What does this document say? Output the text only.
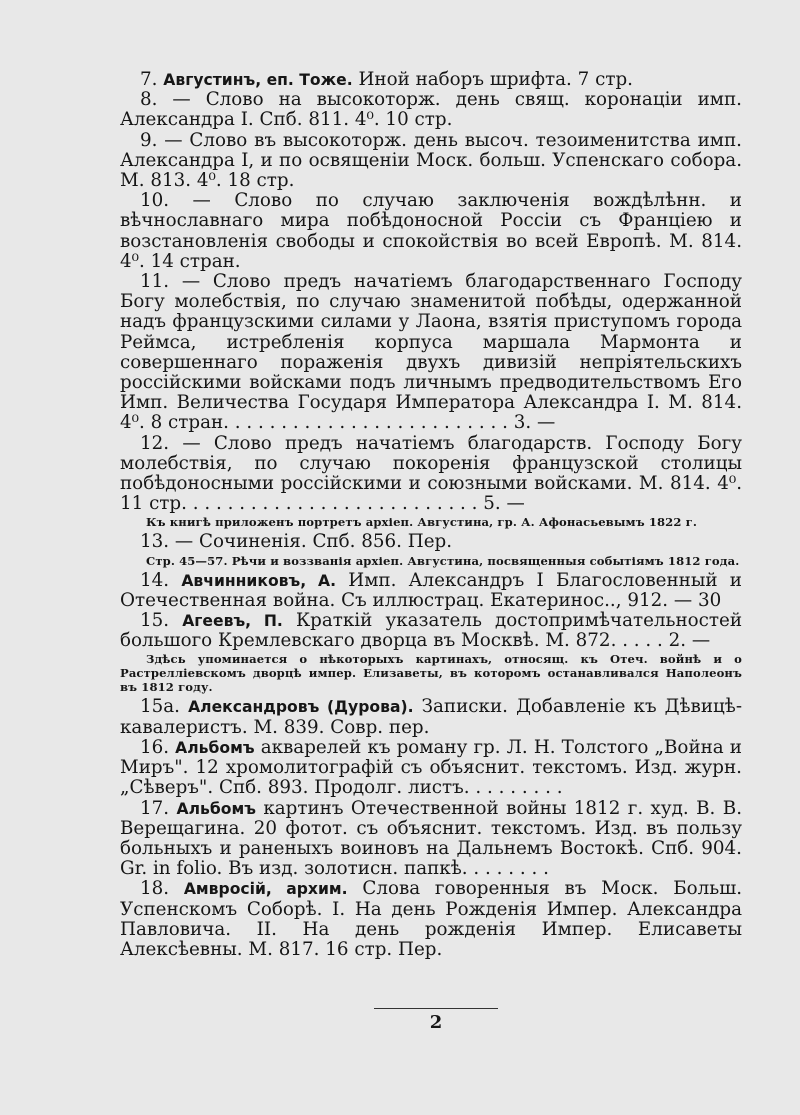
7. Августинъ, еп. Тоже. Иной наборъ шрифта. 7 стр.

8. — Слово на высокоторж. день свящ. коронаціи имп. Александра I. Спб. 811. 4⁰. 10 стр.

9. — Слово въ высокоторж. день высоч. тезоименитства имп. Александра I, и по освященіи Моск. больш. Успенскаго собора. М. 813. 4⁰. 18 стр.

10. — Слово по случаю заключенія вождѣлѣнн. и вѣчнославнаго мира побѣдоносной Россіи съ Франціею и возстановленія свободы и спокойствія во всей Европѣ. М. 814. 4⁰. 14 стран.

11. — Слово предъ начатіемъ благодарственнаго Господу Богу молебствія, по случаю знаменитой побѣды, одержанной надъ французскими силами у Лаона, взятія приступомъ города Реймса, истребленія корпуса маршала Мармонта и совершеннаго пораженія двухъ дивизій непріятельскихъ россійскими войсками подъ личнымъ предводительствомъ Его Имп. Величества Государя Императора Александра I. М. 814. 4⁰. 8 стран. . . . . . . . . . . . . . . . . . . . . . . . . 3. —

12. — Слово предъ начатіемъ благодарств. Господу Богу молебствія, по случаю покоренія французской столицы побѣдоносными россійскими и союзными войсками. М. 814. 4⁰. 11 стр. . . . . . . . . . . . . . . . . . . . . . . . . . 5. —

Къ книгѣ приложенъ портретъ архіеп. Августина, гр. А. Афонасьевымъ 1822 г.

13. — Сочиненія. Спб. 856. Пер.

Стр. 45—57. Рѣчи и воззванія архіеп. Августина, посвященныя событіямъ 1812 года.

14. Авчинниковъ, А. Имп. Александръ I Благословенный и Отечественная война. Съ иллюстрац. Екатеринос.., 912. — 30

15. Агеевъ, П. Краткій указатель достопримѣчательностей большого Кремлевскаго дворца въ Москвѣ. М. 872. . . . . 2. —

Здѣсь упоминается о нѣкоторыхъ картинахъ, относящ. къ Отеч. войнѣ и о Растреллiевскомъ дворцѣ импер. Елизаветы, въ которомъ останавливался Наполеонъ въ 1812 году.

15а. Александровъ (Дурова). Записки. Добавленіе къ Дѣвицѣ-кавалеристъ. М. 839. Совр. пер.

16. Альбомъ акварелей къ роману гр. Л. Н. Толстого „Война и Миръ". 12 хромолитографій съ объяснит. текстомъ. Изд. журн. „Сѣверъ". Спб. 893. Продолг. листъ. . . . . . . . .

17. Альбомъ картинъ Отечественной войны 1812 г. худ. В. В. Верещагина. 20 фотот. съ объяснит. текстомъ. Изд. въ пользу больныхъ и раненыхъ воиновъ на Дальнемъ Востокѣ. Спб. 904. Gr. in folio. Въ изд. золотисн. папкѣ. . . . . . . .

18. Амвросій, архим. Слова говоренныя въ Моск. Больш. Успенскомъ Соборѣ. I. На день Рожденія Импер. Александра Павловича. II. На день рожденія Импер. Елисаветы Алексѣевны. М. 817. 16 стр. Пер.

2
